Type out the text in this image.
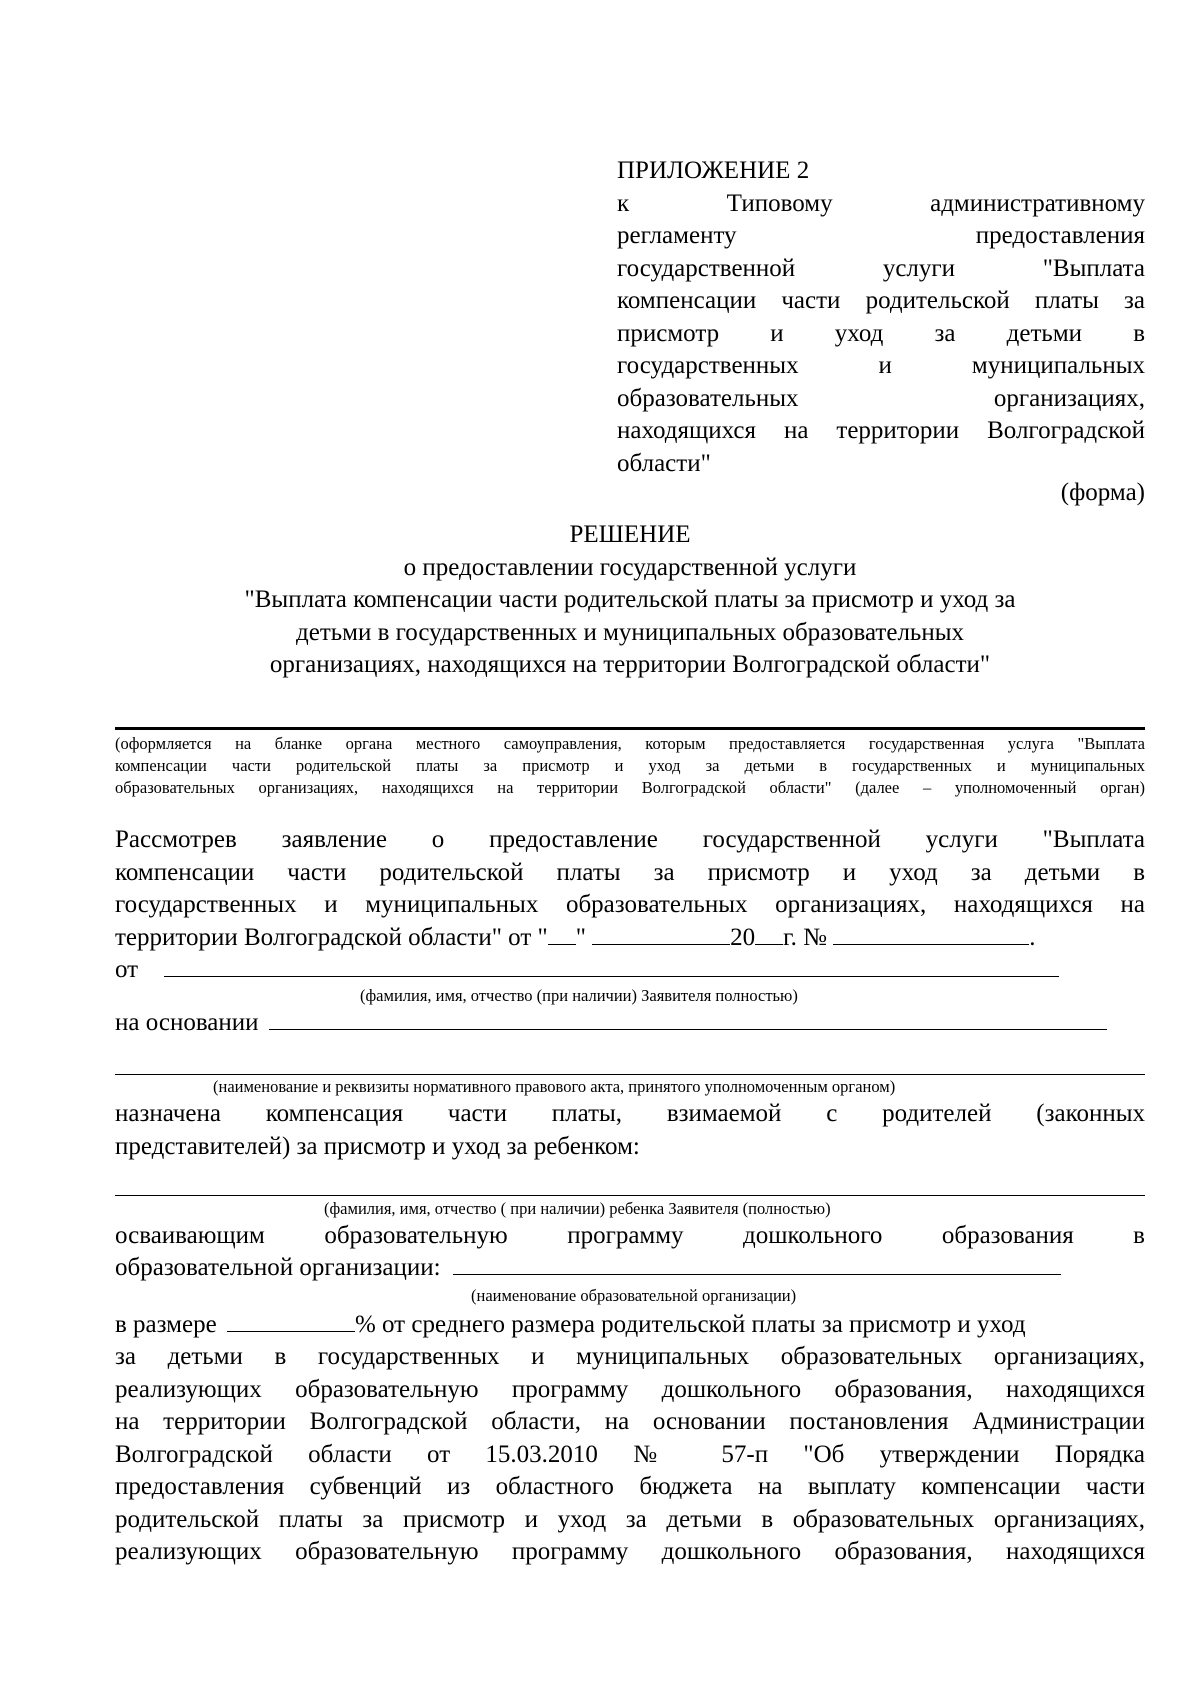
ПРИЛОЖЕНИЕ 2
к Типовому административному
регламенту предоставления
государственной услуги "Выплата
компенсации части родительской платы за
присмотр и уход за детьми в
государственных и муниципальных
образовательных организациях,
находящихся на территории Волгоградской
области"
(форма)
РЕШЕНИЕ
о предоставлении государственной услуги
"Выплата компенсации части родительской платы за присмотр и уход за
детьми в государственных и муниципальных образовательных
организациях, находящихся на территории Волгоградской области"
(оформляется на бланке органа местного самоуправления, которым предоставляется государственная услуга "Выплата
компенсации части родительской платы за присмотр и уход за детьми в государственных и муниципальных
образовательных организациях, находящихся на территории Волгоградской области" (далее – уполномоченный орган)
Рассмотрев заявление о предоставление государственной услуги "Выплата
компенсации части родительской платы за присмотр и уход за детьми в
государственных и муниципальных образовательных организациях, находящихся на
территории Волгоградской области" от " "	20 г. №	.
от
(фамилия, имя, отчество (при наличии) Заявителя полностью)
на основании
(наименование и реквизиты нормативного правового акта, принятого уполномоченным органом)
назначена компенсация части платы, взимаемой с родителей (законных
представителей) за присмотр и уход за ребенком:
(фамилия, имя, отчество ( при наличии) ребенка Заявителя (полностью)
осваивающим образовательную программу дошкольного образования в
образовательной организации:
(наименование образовательной организации)
в размере	% от среднего размера родительской платы за присмотр и уход
за детьми в государственных и муниципальных образовательных организациях,
реализующих образовательную программу дошкольного образования, находящихся
на территории Волгоградской области, на основании постановления Администрации
Волгоградской области от 15.03.2010 № 57-п "Об утверждении Порядка
предоставления субвенций из областного бюджета на выплату компенсации части
родительской платы за присмотр и уход за детьми в образовательных организациях,
реализующих образовательную программу дошкольного образования, находящихся
